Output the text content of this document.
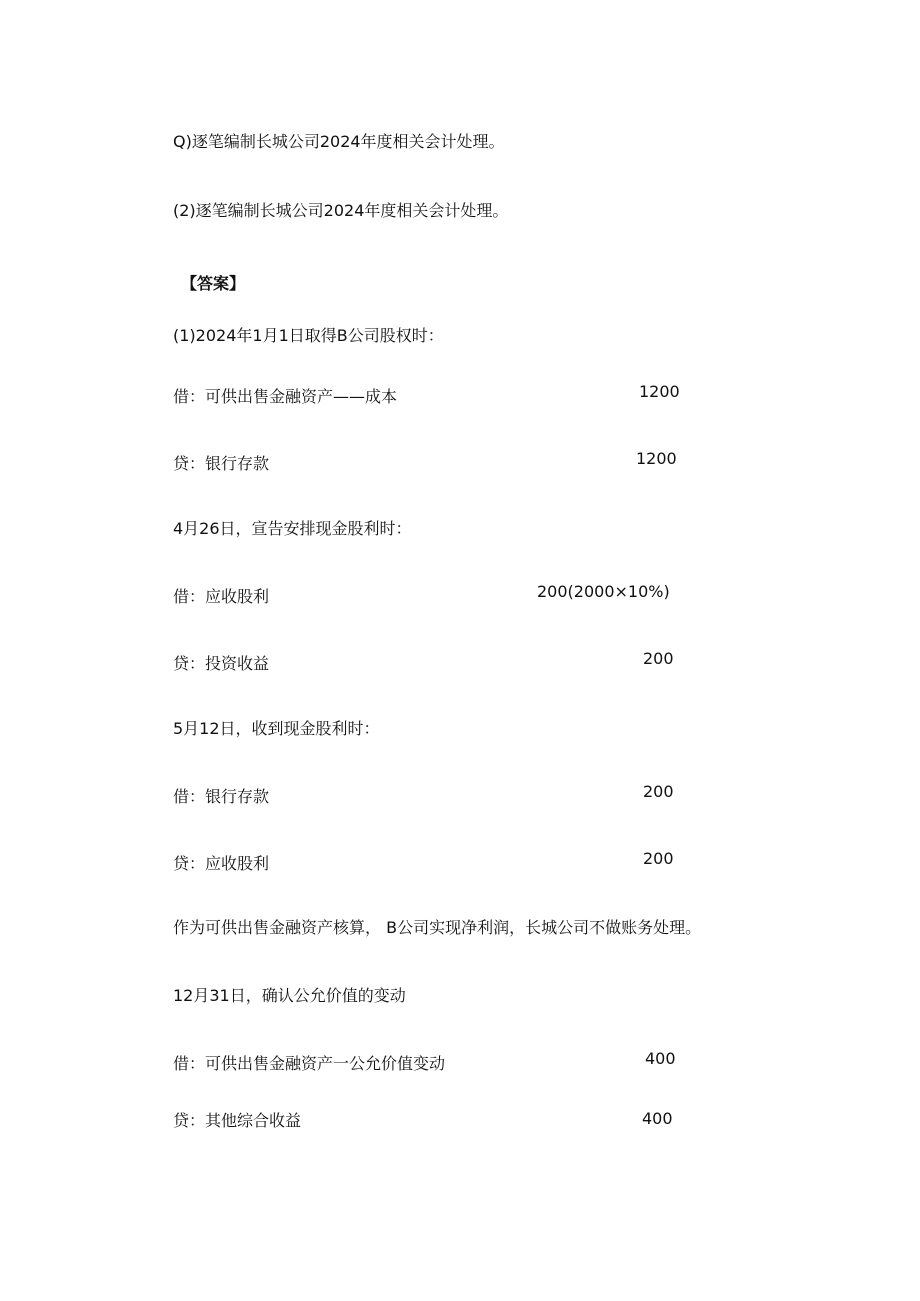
Q)逐笔编制长城公司2024年度相关会计处理。
(2)逐笔编制长城公司2024年度相关会计处理。
【答案】
(1)2024年1月1日取得B公司股权时：
借：可供出售金融资产——成本	1200
贷：银行存款	1200
4月26日，宣告安排现金股利时：
借：应收股利	200(2000×10%)
贷：投资收益	200
5月12日，收到现金股利时：
借：银行存款	200
贷：应收股利	200
作为可供出售金融资产核算， B公司实现净利润，长城公司不做账务处理。
12月31日，确认公允价值的变动
借：可供出售金融资产一公允价值变动	400
贷：其他综合收益	400
